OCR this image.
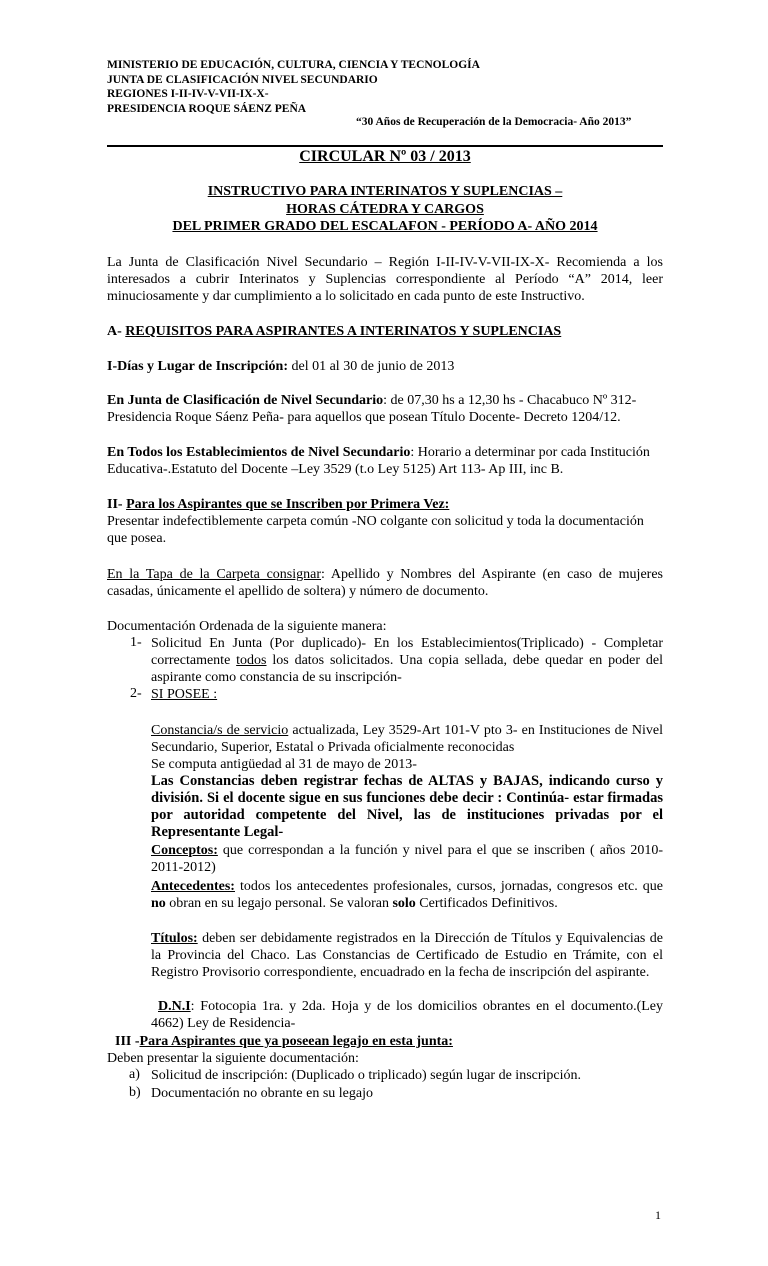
MINISTERIO DE EDUCACIÓN, CULTURA, CIENCIA Y TECNOLOGÍA
JUNTA DE CLASIFICACIÓN NIVEL SECUNDARIO
REGIONES I-II-IV-V-VII-IX-X-
PRESIDENCIA ROQUE SÁENZ PEÑA
“30 Años de Recuperación de la Democracia- Año 2013”
CIRCULAR Nº 03 / 2013
INSTRUCTIVO PARA INTERINATOS Y SUPLENCIAS –
HORAS CÁTEDRA Y CARGOS
DEL PRIMER GRADO DEL ESCALAFON - PERÍODO A- AÑO 2014
La Junta de Clasificación Nivel Secundario – Región I-II-IV-V-VII-IX-X- Recomienda a los interesados a cubrir Interinatos y Suplencias correspondiente al Período “A” 2014, leer minuciosamente y dar cumplimiento a lo solicitado en cada punto de este Instructivo.
A- REQUISITOS PARA ASPIRANTES A INTERINATOS Y SUPLENCIAS
I-Días y Lugar de Inscripción: del 01 al 30 de junio de 2013
En Junta de Clasificación de Nivel Secundario: de 07,30 hs a 12,30 hs - Chacabuco Nº 312- Presidencia Roque Sáenz Peña- para aquellos que posean Título Docente- Decreto 1204/12.
En Todos los Establecimientos de Nivel Secundario: Horario a determinar por cada Institución Educativa-.Estatuto del Docente –Ley 3529 (t.o Ley 5125) Art 113- Ap III, inc B.
II- Para los Aspirantes que se Inscriben por Primera Vez:
Presentar indefectiblemente carpeta común -NO colgante con solicitud y toda la documentación que posea.
En la Tapa de la Carpeta consignar: Apellido y Nombres del Aspirante (en caso de mujeres casadas, únicamente el apellido de soltera) y número de documento.
Documentación Ordenada de la siguiente manera:
1- Solicitud En Junta (Por duplicado)- En los Establecimientos(Triplicado) - Completar correctamente todos los datos solicitados. Una copia sellada, debe quedar en poder del aspirante como constancia de su inscripción-
2- SI POSEE :
Constancia/s de servicio actualizada, Ley 3529-Art 101-V pto 3- en Instituciones de Nivel Secundario, Superior, Estatal o Privada oficialmente reconocidas
Se computa antigüedad al 31 de mayo de 2013-
Las Constancias deben registrar fechas de ALTAS y BAJAS, indicando curso y división. Si el docente sigue en sus funciones debe decir : Continúa- estar firmadas por autoridad competente del Nivel, las de instituciones privadas por el Representante Legal-
Conceptos: que correspondan a la función y nivel para el que se inscriben ( años 2010-2011-2012)
Antecedentes: todos los antecedentes profesionales, cursos, jornadas, congresos etc. que no obran en su legajo personal. Se valoran solo Certificados Definitivos.
Títulos: deben ser debidamente registrados en la Dirección de Títulos y Equivalencias de la Provincia del Chaco. Las Constancias de Certificado de Estudio en Trámite, con el Registro Provisorio correspondiente, encuadrado en la fecha de inscripción del aspirante.
D.N.I: Fotocopia 1ra. y 2da. Hoja y de los domicilios obrantes en el documento.(Ley 4662) Ley de Residencia-
III -Para Aspirantes que ya poseean legajo en esta junta:
Deben presentar la siguiente documentación:
a) Solicitud de inscripción: (Duplicado o triplicado) según lugar de inscripción.
b) Documentación no obrante en su legajo
1
